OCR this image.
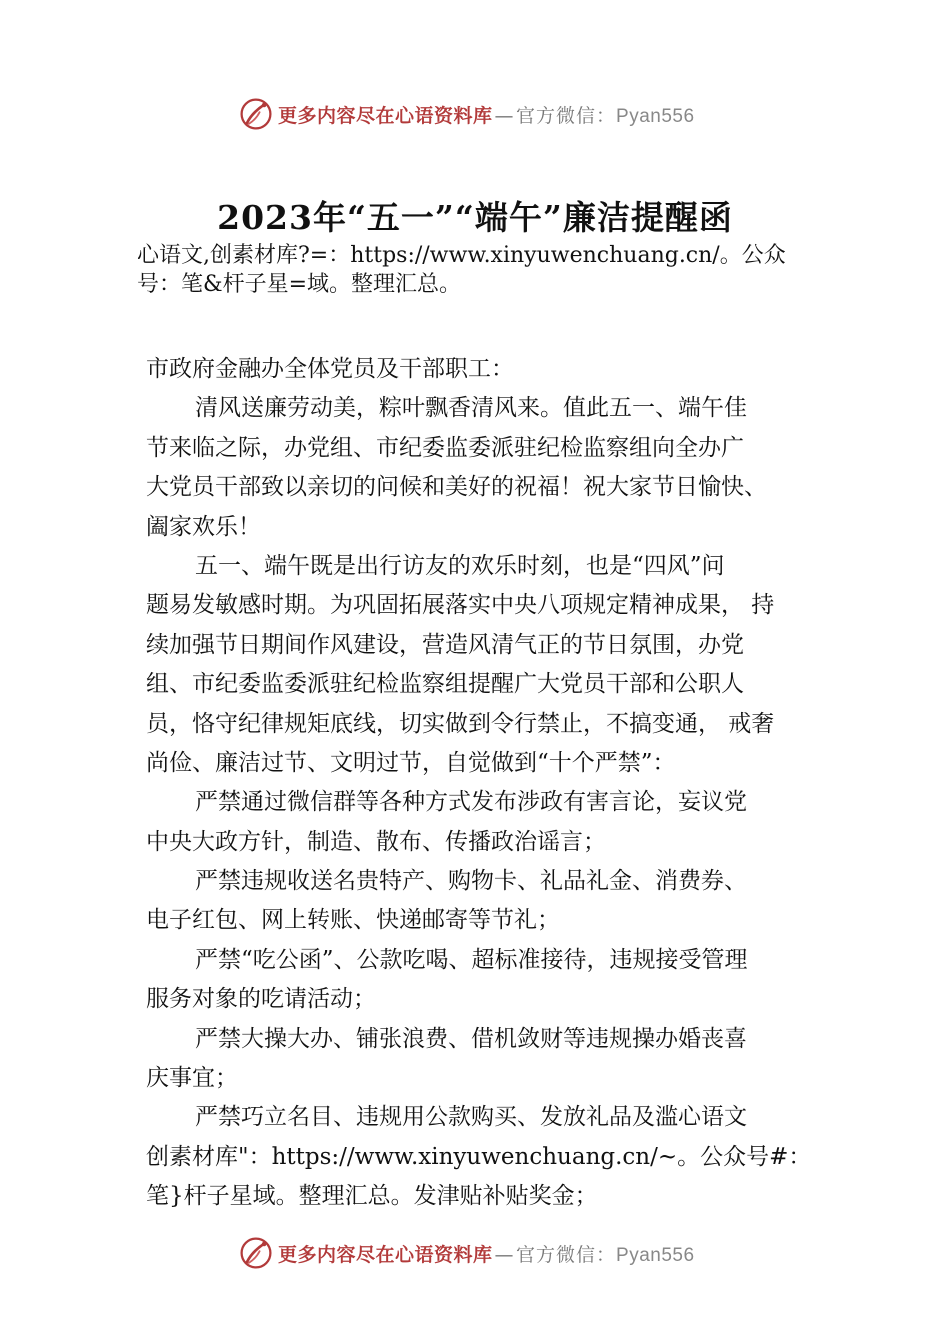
更多内容尽在心语资料库 — 官方微信：Pyan556
2023年“五一”“端午”廉洁提醒函
心语文,创素材库?=：https://www.xinyuwenchuang.cn/。公众
号：笔&杆子星=域。整理汇总。
市政府金融办全体党员及干部职工：
清风送廉劳动美，粽叶飘香清风来。值此五一、端午佳
节来临之际，办党组、市纪委监委派驻纪检监察组向全办广
大党员干部致以亲切的问候和美好的祝福！祝大家节日愉快、
阖家欢乐！
五一、端午既是出行访友的欢乐时刻，也是“四风”问
题易发敏感时期。为巩固拓展落实中央八项规定精神成果， 持
续加强节日期间作风建设，营造风清气正的节日氛围，办党
组、市纪委监委派驻纪检监察组提醒广大党员干部和公职人
员，恪守纪律规矩底线，切实做到令行禁止，不搞变通， 戒奢
尚俭、廉洁过节、文明过节，自觉做到“十个严禁”：
严禁通过微信群等各种方式发布涉政有害言论，妄议党
中央大政方针，制造、散布、传播政治谣言；
严禁违规收送名贵特产、购物卡、礼品礼金、消费券、
电子红包、网上转账、快递邮寄等节礼；
严禁“吃公函”、公款吃喝、超标准接待，违规接受管理
服务对象的吃请活动；
严禁大操大办、铺张浪费、借机敛财等违规操办婚丧喜
庆事宜；
严禁巧立名目、违规用公款购买、发放礼品及滥心语文
创素材库"：https://www.xinyuwenchuang.cn/~。公众号#：
笔}杆子星域。整理汇总。发津贴补贴奖金；
更多内容尽在心语资料库 — 官方微信：Pyan556
